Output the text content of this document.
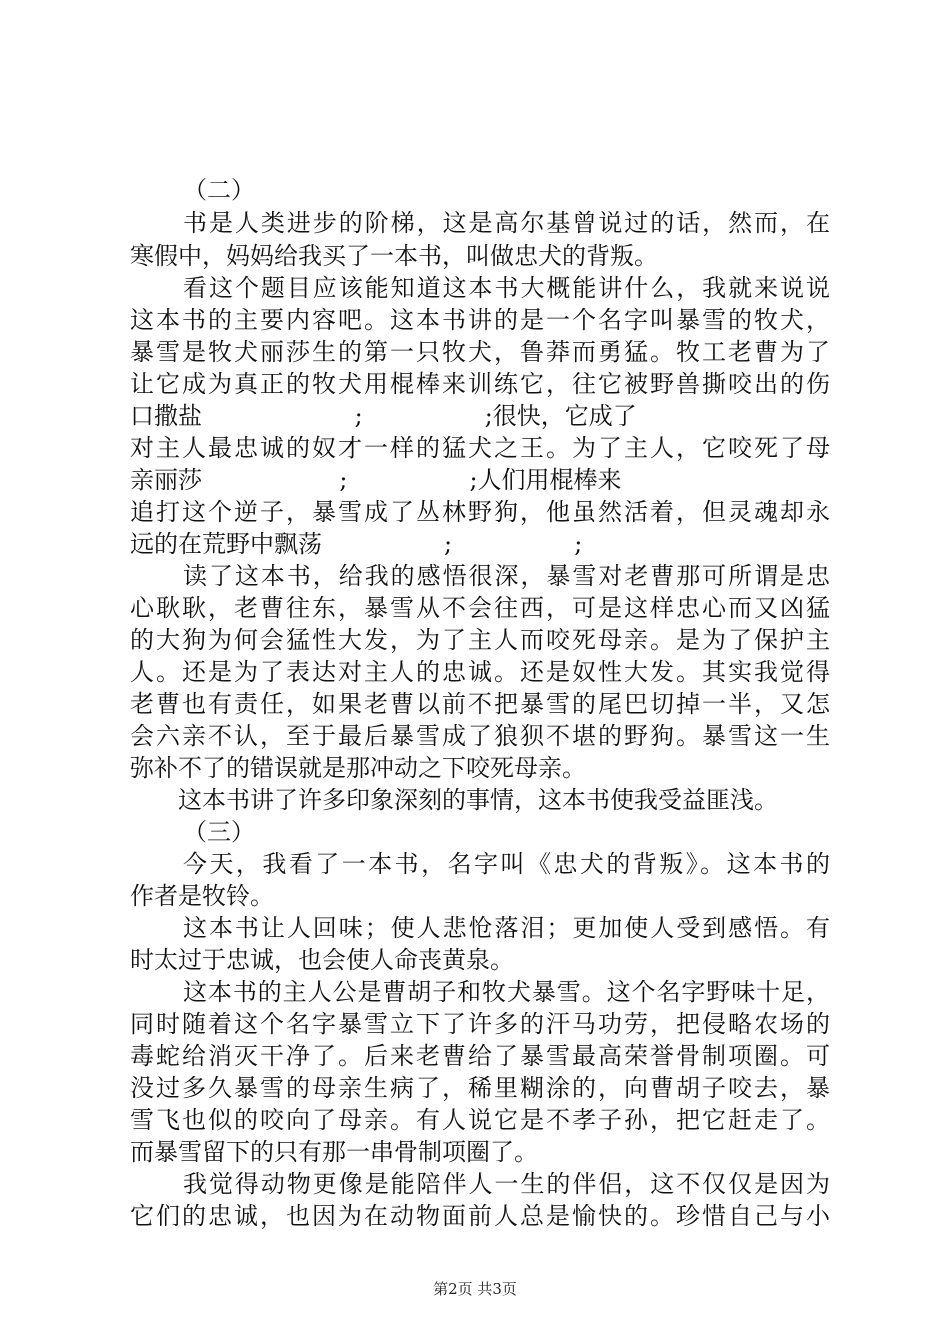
（二）
书是人类进步的阶梯，这是高尔基曾说过的话，然而，在
寒假中，妈妈给我买了一本书，叫做忠犬的背叛。
看这个题目应该能知道这本书大概能讲什么，我就来说说
这本书的主要内容吧。这本书讲的是一个名字叫暴雪的牧犬，
暴雪是牧犬丽莎生的第一只牧犬，鲁莽而勇猛。牧工老曹为了
让它成为真正的牧犬用棍棒来训练它，往它被野兽撕咬出的伤
口撒盐                    ;                ;很快，它成了
对主人最忠诚的奴才一样的猛犬之王。为了主人，它咬死了母
亲丽莎                  ;                ;人们用棍棒来
追打这个逆子，暴雪成了丛林野狗，他虽然活着，但灵魂却永
远的在荒野中飘荡                ;                ;
读了这本书，给我的感悟很深，暴雪对老曹那可所谓是忠
心耿耿，老曹往东，暴雪从不会往西，可是这样忠心而又凶猛
的大狗为何会猛性大发，为了主人而咬死母亲。是为了保护主
人。还是为了表达对主人的忠诚。还是奴性大发。其实我觉得
老曹也有责任，如果老曹以前不把暴雪的尾巴切掉一半，又怎
会六亲不认，至于最后暴雪成了狼狈不堪的野狗。暴雪这一生
弥补不了的错误就是那冲动之下咬死母亲。
这本书讲了许多印象深刻的事情，这本书使我受益匪浅。
（三）
今天，我看了一本书，名字叫《忠犬的背叛》。这本书的
作者是牧铃。
这本书让人回味；使人悲怆落泪；更加使人受到感悟。有
时太过于忠诚，也会使人命丧黄泉。
这本书的主人公是曹胡子和牧犬暴雪。这个名字野味十足，
同时随着这个名字暴雪立下了许多的汗马功劳，把侵略农场的
毒蛇给消灭干净了。后来老曹给了暴雪最高荣誉骨制项圈。可
没过多久暴雪的母亲生病了，稀里糊涂的，向曹胡子咬去，暴
雪飞也似的咬向了母亲。有人说它是不孝子孙，把它赶走了。
而暴雪留下的只有那一串骨制项圈了。
我觉得动物更像是能陪伴人一生的伴侣，这不仅仅是因为
它们的忠诚，也因为在动物面前人总是愉快的。珍惜自己与小
第2页 共3页
